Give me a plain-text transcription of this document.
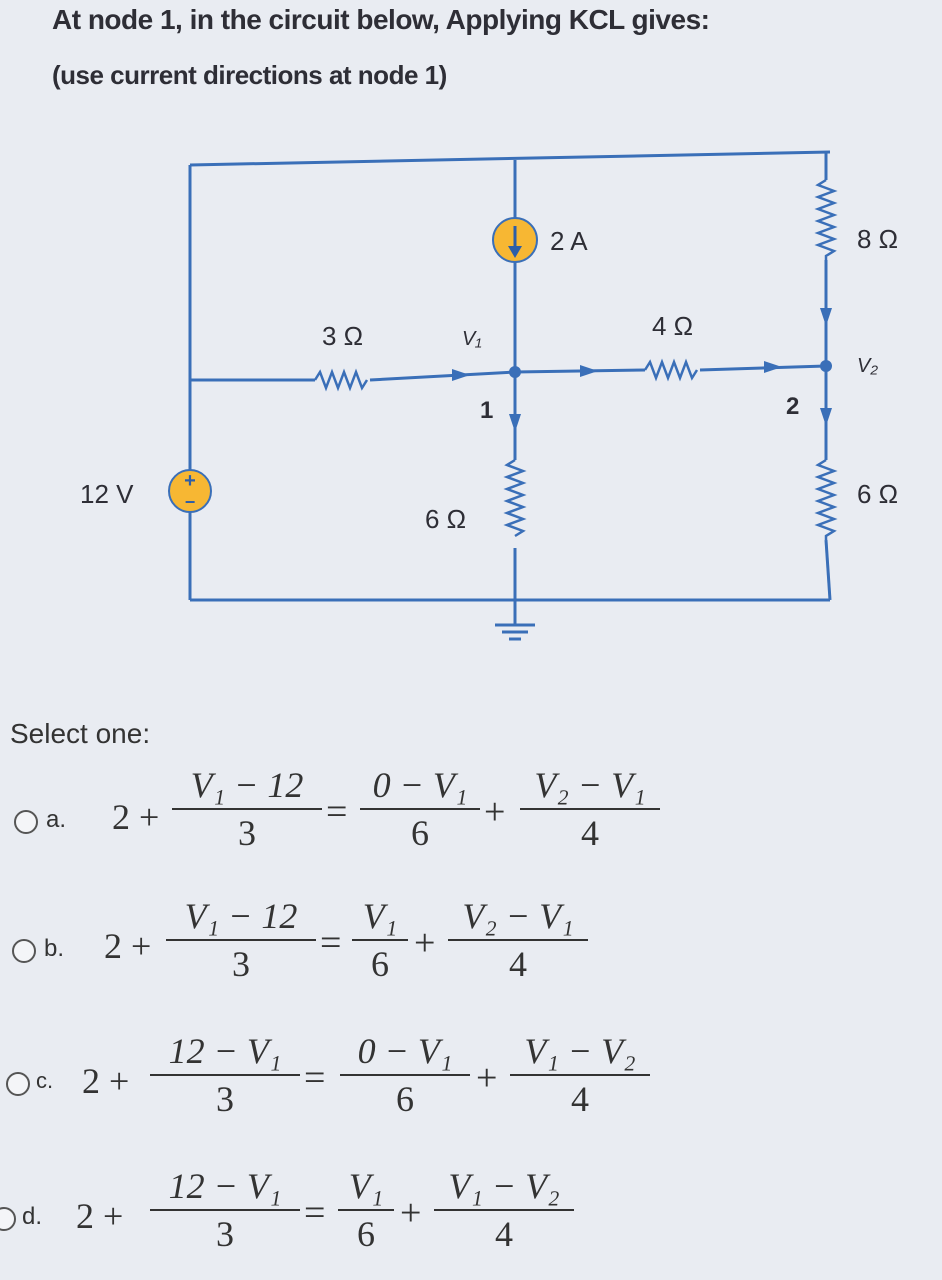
At node 1, in the circuit below, Applying KCL gives:
(use current directions at node 1)
+
−
12 V
3 Ω	4 Ω
6 Ω
8 Ω
6 Ω
2 A
V₁
V₂
1	2
Select one:
a. 2 +
V₁ − 12
3	=
0 − V₁
6	+
V₂ − V₁
4
b. 2 +
V₁ − 12
3	=
V₁
6 +
V₂ − V₁
4
c. 2 +
12 − V₁
3	=
0 − V₁
6	+
V₁ − V₂
4
d. 2 +
12 − V₁
3	=
V₁
6 +
V₁ − V₂
4
